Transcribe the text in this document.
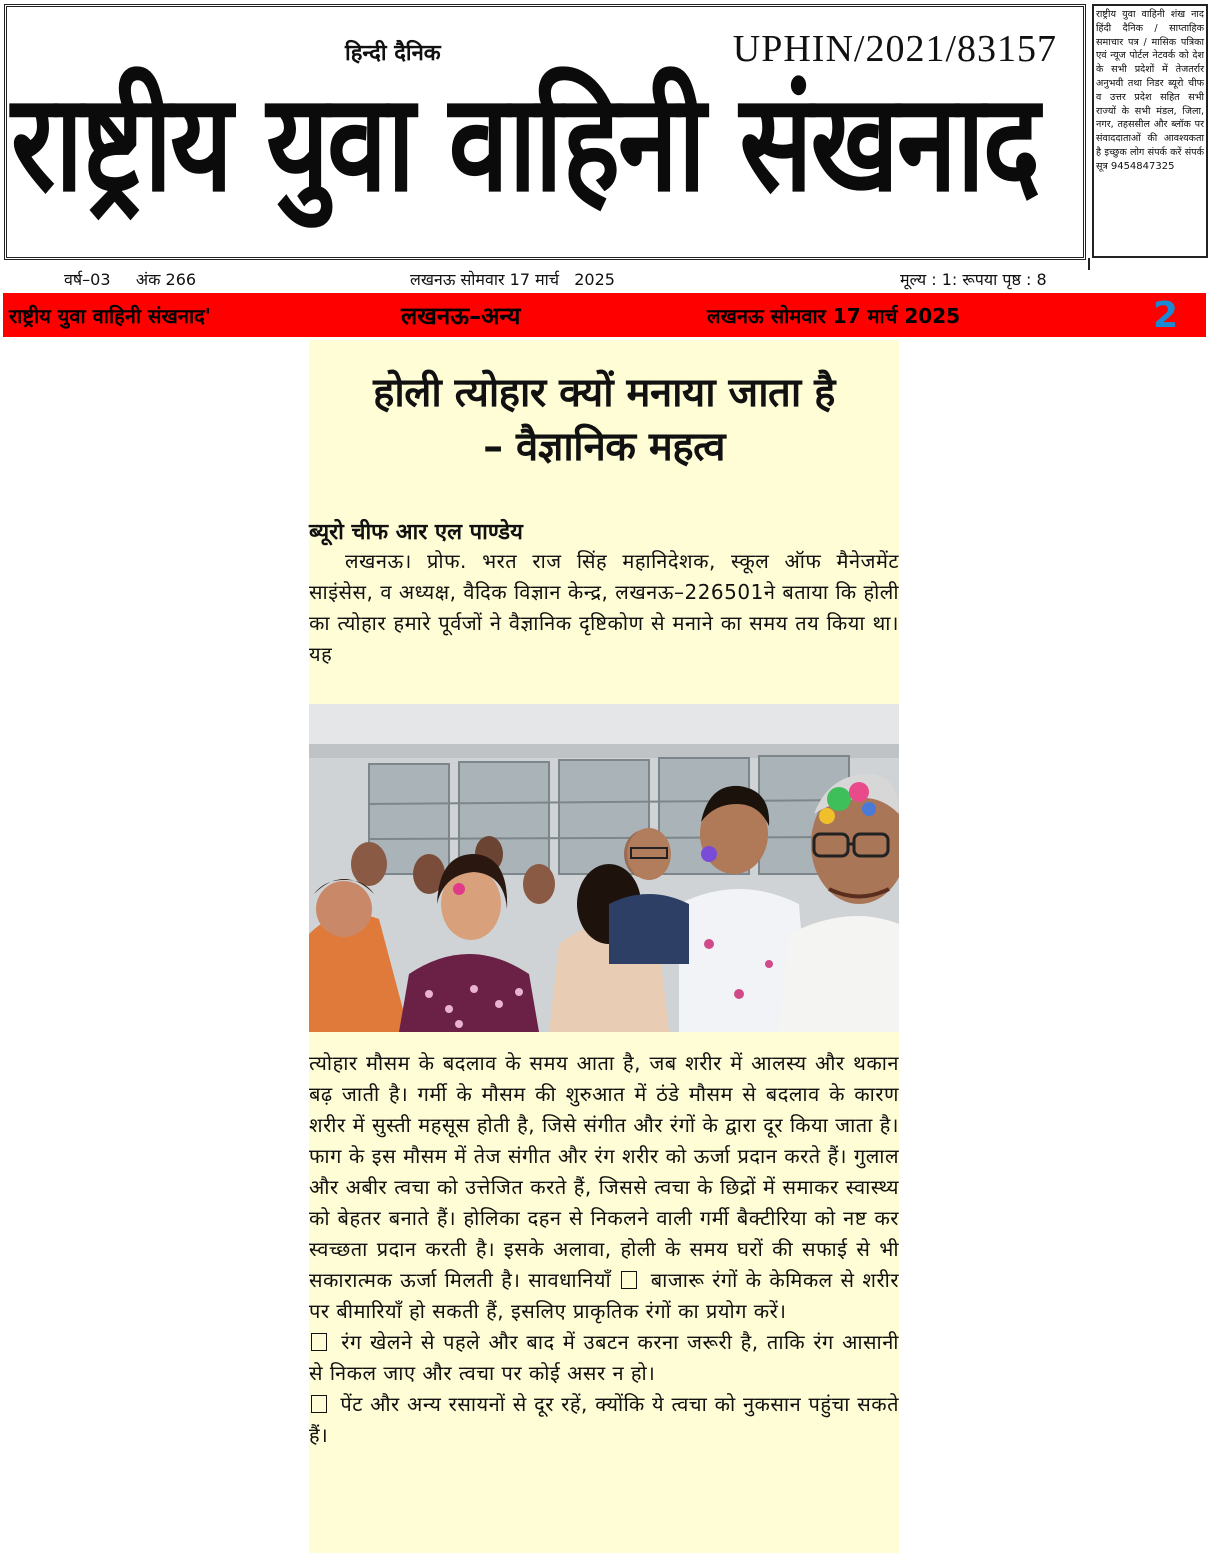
हिन्दी दैनिक	UPHIN/2021/83157
राष्ट्रीय युवा वाहिनी संखनाद
राष्ट्रीय युवा वाहिनी शंख नाद हिंदी दैनिक / साप्ताहिक समाचार पत्र / मासिक पत्रिका एवं न्यूज पोर्टल नेटवर्क को देश के सभी प्रदेशों में तेजतर्रार अनुभवी तथा निडर ब्यूरो चीफ व उत्तर प्रदेश सहित सभी राज्यों के सभी मंडल, जिला, नगर, तहससील और ब्लॉक पर संवाददाताओं की आवश्यकता है इच्छुक लोग संपर्क करें संपर्क सूत्र 9454847325
वर्ष–03     अंक 266	लखनऊ सोमवार 17 मार्च   2025	मूल्य : 1: रूपया पृष्ठ : 8
राष्ट्रीय युवा वाहिनी संखनाद'	लखनऊ–अन्य	लखनऊ सोमवार 17 मार्च 2025	2
होली त्योहार क्यों मनाया जाता है
– वैज्ञानिक महत्व
ब्यूरो चीफ आर एल पाण्डेय
लखनऊ। प्रोफ. भरत राज सिंह महानिदेशक, स्कूल ऑफ मैनेजमेंट साइंसेस, व अध्यक्ष, वैदिक विज्ञान केन्द्र, लखनऊ–226501ने बताया कि होली का त्योहार हमारे पूर्वजों ने वैज्ञानिक दृष्टिकोण से मनाने का समय तय किया था। यह
त्योहार मौसम के बदलाव के समय आता है, जब शरीर में आलस्य और थकान बढ़ जाती है। गर्मी के मौसम की शुरुआत में ठंडे मौसम से बदलाव के कारण शरीर में सुस्ती महसूस होती है, जिसे संगीत और रंगों के द्वारा दूर किया जाता है। फाग के इस मौसम में तेज संगीत और रंग शरीर को ऊर्जा प्रदान करते हैं। गुलाल और अबीर त्वचा को उत्तेजित करते हैं, जिससे त्वचा के छिद्रों में समाकर स्वास्थ्य को बेहतर बनाते हैं। होलिका दहन से निकलने वाली गर्मी बैक्टीरिया को नष्ट कर स्वच्छता प्रदान करती है। इसके अलावा, होली के समय घरों की सफाई से भी सकारात्मक ऊर्जा मिलती है। सावधानियाँ बाजारू रंगों के केमिकल से शरीर पर बीमारियाँ हो सकती हैं, इसलिए प्राकृतिक रंगों का प्रयोग करें।
रंग खेलने से पहले और बाद में उबटन करना जरूरी है, ताकि रंग आसानी से निकल जाए और त्वचा पर कोई असर न हो।
पेंट और अन्य रसायनों से दूर रहें, क्योंकि ये त्वचा को नुकसान पहुंचा सकते हैं।
